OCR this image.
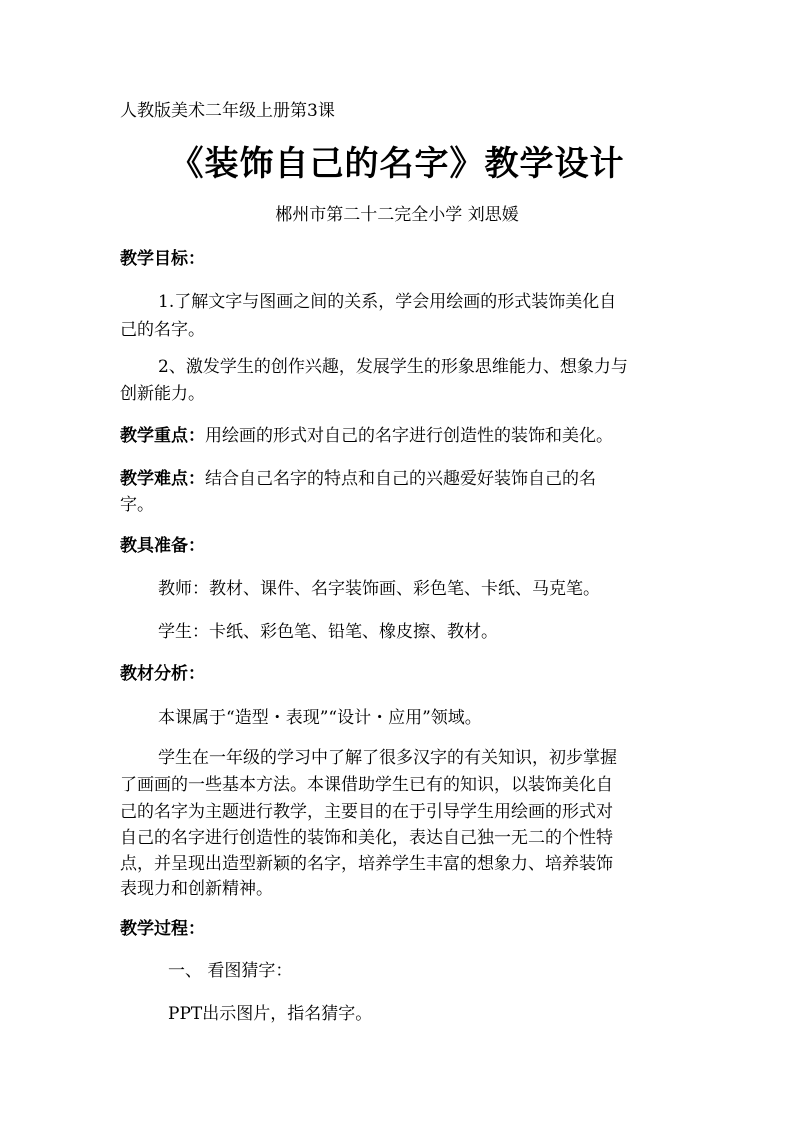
人教版美术二年级上册第3课
《装饰自己的名字》教学设计
郴州市第二十二完全小学 刘思媛
教学目标：
1.了解文字与图画之间的关系，学会用绘画的形式装饰美化自
己的名字。
2、激发学生的创作兴趣，发展学生的形象思维能力、想象力与
创新能力。
教学重点：用绘画的形式对自己的名字进行创造性的装饰和美化。
教学难点：结合自己名字的特点和自己的兴趣爱好装饰自己的名
字。
教具准备：
教师：教材、课件、名字装饰画、彩色笔、卡纸、马克笔。
学生：卡纸、彩色笔、铅笔、橡皮擦、教材。
教材分析：
本课属于“造型・表现”“设计・应用”领域。
学生在一年级的学习中了解了很多汉字的有关知识，初步掌握
了画画的一些基本方法。本课借助学生已有的知识，以装饰美化自
己的名字为主题进行教学，主要目的在于引导学生用绘画的形式对
自己的名字进行创造性的装饰和美化，表达自己独一无二的个性特
点，并呈现出造型新颖的名字，培养学生丰富的想象力、培养装饰
表现力和创新精神。
教学过程：
一、 看图猜字：
PPT出示图片，指名猜字。
